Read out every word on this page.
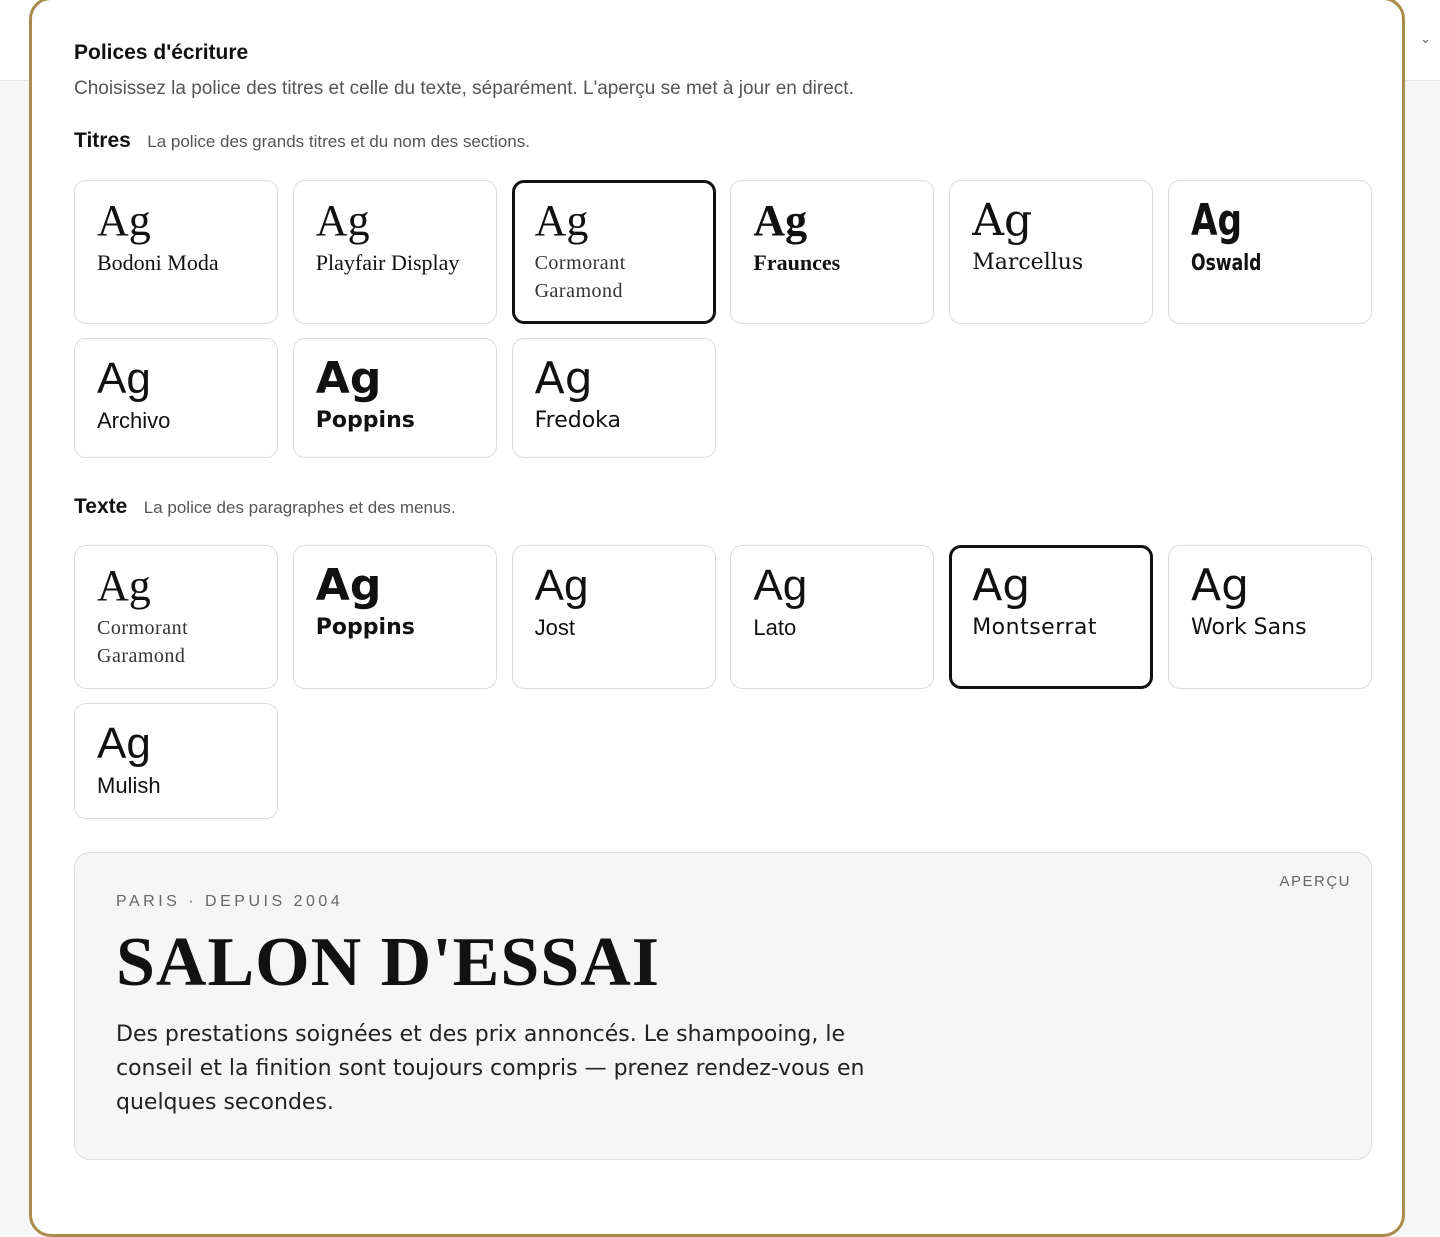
⌄
Polices d'écriture
Choisissez la police des titres et celle du texte, séparément. L'aperçu se met à jour en direct.
Titres La police des grands titres et du nom des sections.
Ag
Bodoni Moda
Ag
Playfair Display
Ag
Cormorant Garamond
Ag
Fraunces
Ag
Marcellus
Ag
Oswald
Ag
Archivo
Ag
Poppins
Ag
Fredoka
Texte La police des paragraphes et des menus.
Ag
Cormorant Garamond
Ag
Poppins
Ag
Jost
Ag
Lato
Ag
Montserrat
Ag
Work Sans
Ag
Mulish
APERÇU
PARIS · DEPUIS 2004
SALON D'ESSAI
Des prestations soignées et des prix annoncés. Le shampooing, le conseil et la finition sont toujours compris — prenez rendez-vous en quelques secondes.
